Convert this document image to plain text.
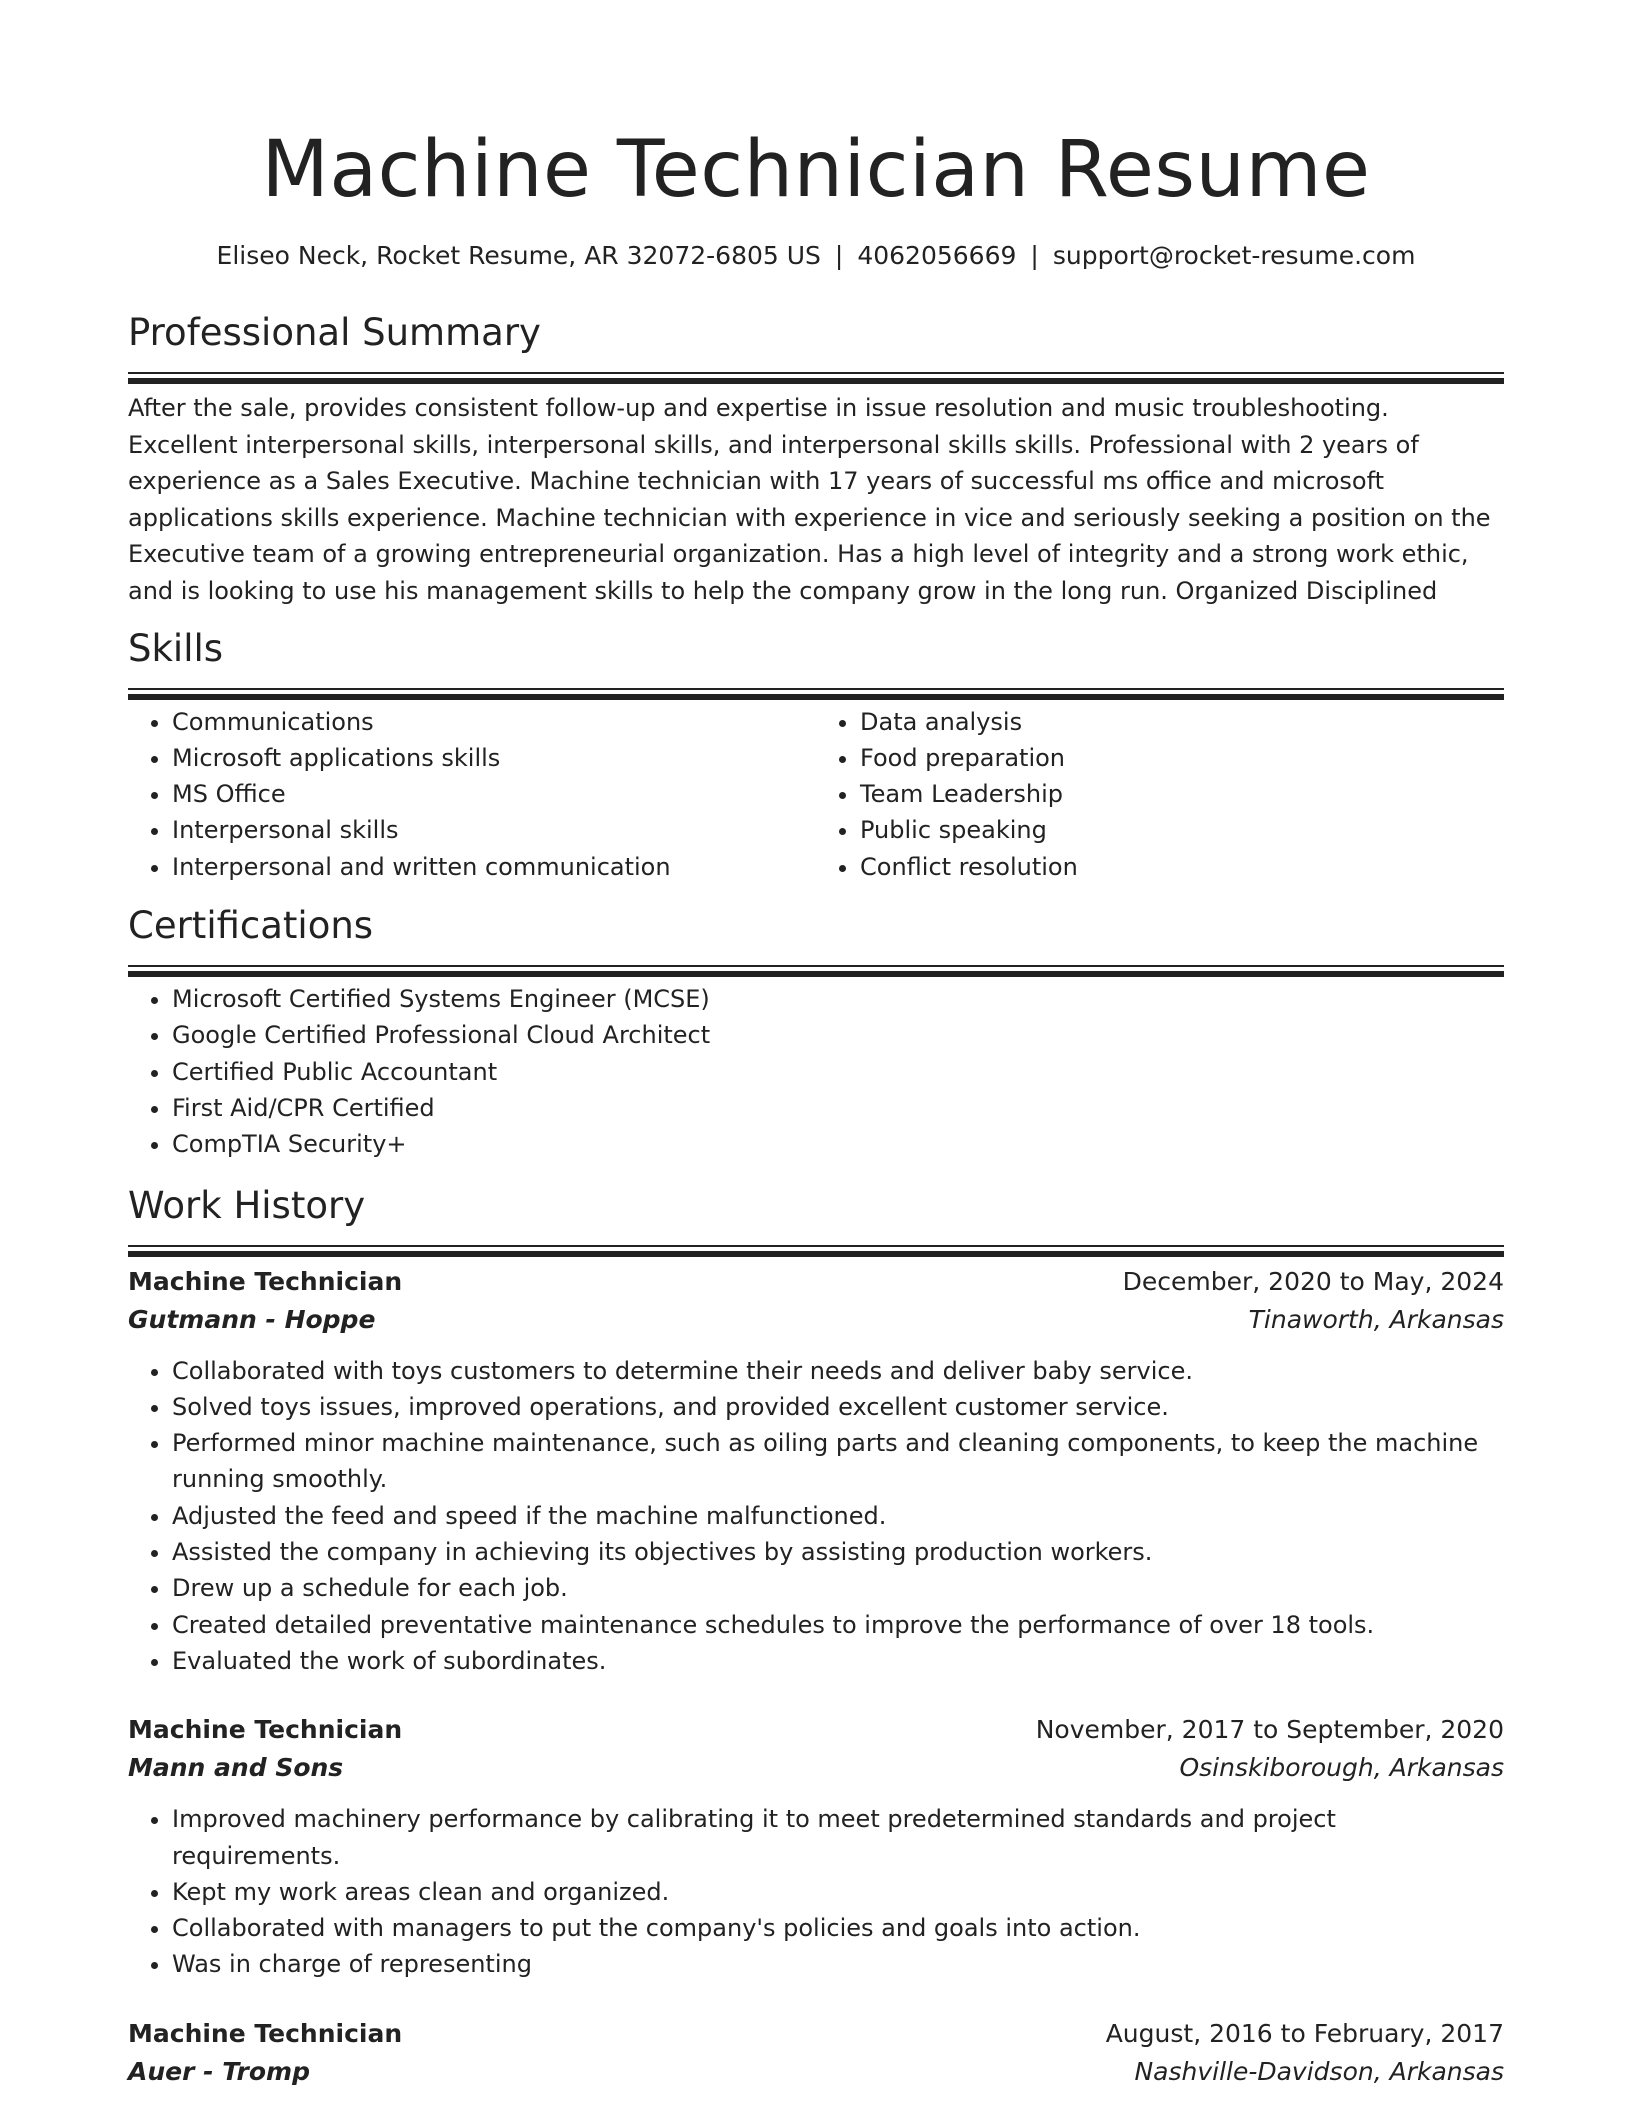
Machine Technician Resume
Eliseo Neck, Rocket Resume, AR 32072-6805 US | 4062056669 | support@rocket-resume.com
Professional Summary

After the sale, provides consistent follow-up and expertise in issue resolution and music troubleshooting. Excellent interpersonal skills, interpersonal skills, and interpersonal skills skills. Professional with 2 years of experience as a Sales Executive. Machine technician with 17 years of successful ms office and microsoft applications skills experience. Machine technician with experience in vice and seriously seeking a position on the Executive team of a growing entrepreneurial organization. Has a high level of integrity and a strong work ethic, and is looking to use his management skills to help the company grow in the long run. Organized Disciplined

Skills
• Communications
• Microsoft applications skills
• MS Office
• Interpersonal skills
• Interpersonal and written communication
• Data analysis
• Food preparation
• Team Leadership
• Public speaking
• Conflict resolution
Certifications
• Microsoft Certified Systems Engineer (MCSE)
• Google Certified Professional Cloud Architect
• Certified Public Accountant
• First Aid/CPR Certified
• CompTIA Security+
Work History
Machine Technician	December, 2020 to May, 2024
Gutmann - Hoppe	Tinaworth, Arkansas
• Collaborated with toys customers to determine their needs and deliver baby service.
• Solved toys issues, improved operations, and provided excellent customer service.
• Performed minor machine maintenance, such as oiling parts and cleaning components, to keep the machine running smoothly.
• Adjusted the feed and speed if the machine malfunctioned.
• Assisted the company in achieving its objectives by assisting production workers.
• Drew up a schedule for each job.
• Created detailed preventative maintenance schedules to improve the performance of over 18 tools.
• Evaluated the work of subordinates.
Machine Technician	November, 2017 to September, 2020
Mann and Sons	Osinskiborough, Arkansas
• Improved machinery performance by calibrating it to meet predetermined standards and project requirements.
• Kept my work areas clean and organized.
• Collaborated with managers to put the company's policies and goals into action.
• Was in charge of representing
Machine Technician	August, 2016 to February, 2017
Auer - Tromp	Nashville-Davidson, Arkansas
